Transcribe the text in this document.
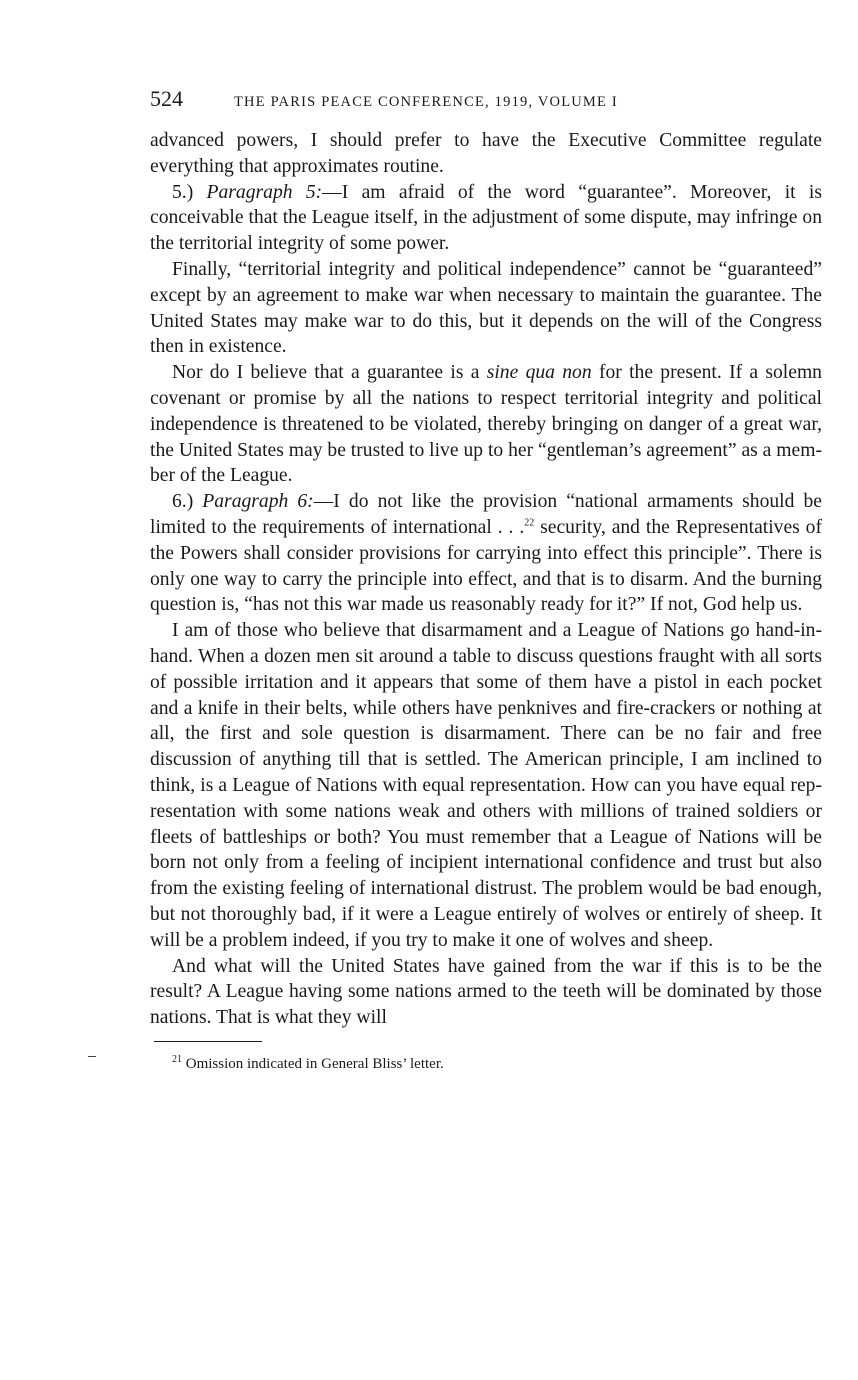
524	THE PARIS PEACE CONFERENCE, 1919, VOLUME I

advanced powers, I should prefer to have the Executive Committee regulate everything that approximates routine.

5.) Paragraph 5:—I am afraid of the word “guarantee”. Moreover, it is conceivable that the League itself, in the adjustment of some dispute, may infringe on the territorial integrity of some power.

Finally, “territorial integrity and political independence” cannot be “guaranteed” except by an agreement to make war when necessary to maintain the guarantee. The United States may make war to do this, but it depends on the will of the Congress then in existence.

Nor do I believe that a guarantee is a sine qua non for the present. If a solemn covenant or promise by all the nations to respect territorial integrity and political independence is threatened to be violated, thereby bringing on danger of a great war, the United States may be trusted to live up to her “gentleman’s agreement” as a member of the League.

6.) Paragraph 6:—I do not like the provision “national armaments should be limited to the requirements of international . . .$^{22}$ security, and the Representatives of the Powers shall consider provisions for carrying into effect this principle”. There is only one way to carry the principle into effect, and that is to disarm. And the burning question is, “has not this war made us reasonably ready for it?” If not, God help us.

I am of those who believe that disarmament and a League of Nations go hand-in-hand. When a dozen men sit around a table to discuss questions fraught with all sorts of possible irritation and it appears that some of them have a pistol in each pocket and a knife in their belts, while others have penknives and fire-crackers or nothing at all, the first and sole question is disarmament. There can be no fair and free discussion of anything till that is settled. The American principle, I am inclined to think, is a League of Nations with equal representation. How can you have equal representation with some nations weak and others with millions of trained soldiers or fleets of battleships or both? You must remember that a League of Nations will be born not only from a feeling of incipient international confidence and trust but also from the existing feeling of international distrust. The problem would be bad enough, but not thoroughly bad, if it were a League entirely of wolves or entirely of sheep. It will be a problem indeed, if you try to make it one of wolves and sheep.

And what will the United States have gained from the war if this is to be the result? A League having some nations armed to the teeth will be dominated by those nations. That is what they will

$^{21}$ Omission indicated in General Bliss’ letter.
